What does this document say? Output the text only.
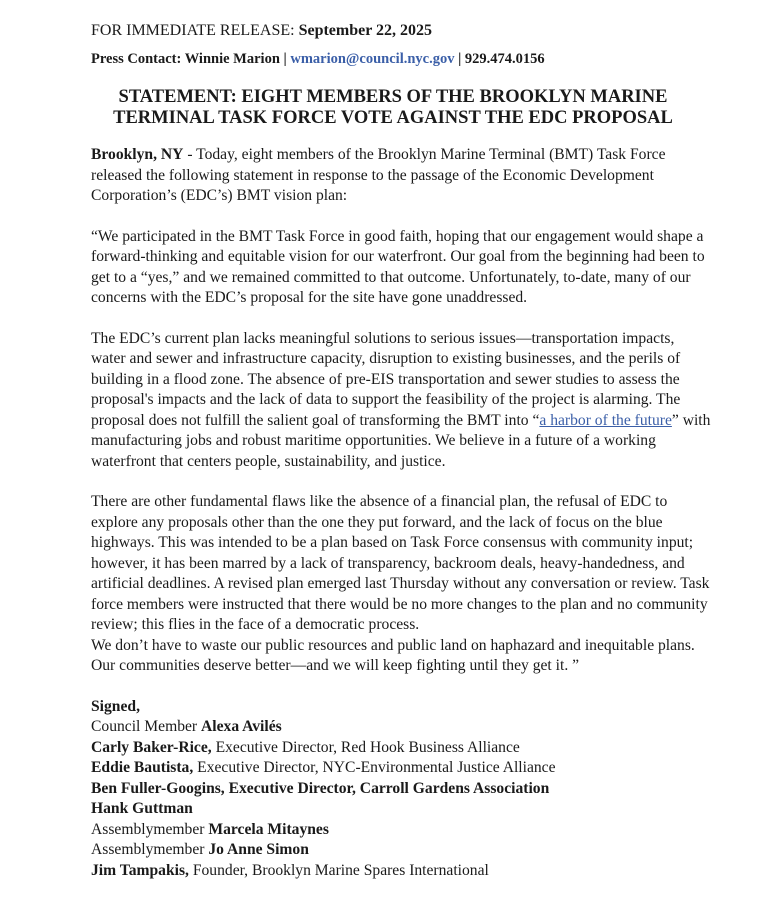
FOR IMMEDIATE RELEASE: September 22, 2025

Press Contact: Winnie Marion | wmarion@council.nyc.gov | 929.474.0156

STATEMENT: EIGHT MEMBERS OF THE BROOKLYN MARINE
TERMINAL TASK FORCE VOTE AGAINST THE EDC PROPOSAL

Brooklyn, NY - Today, eight members of the Brooklyn Marine Terminal (BMT) Task Force released the following statement in response to the passage of the Economic Development Corporation’s (EDC’s) BMT vision plan:

“We participated in the BMT Task Force in good faith, hoping that our engagement would shape a forward-thinking and equitable vision for our waterfront. Our goal from the beginning had been to get to a “yes,” and we remained committed to that outcome. Unfortunately, to-date, many of our concerns with the EDC’s proposal for the site have gone unaddressed.

The EDC’s current plan lacks meaningful solutions to serious issues—transportation impacts, water and sewer and infrastructure capacity, disruption to existing businesses, and the perils of building in a flood zone. The absence of pre-EIS transportation and sewer studies to assess the proposal's impacts and the lack of data to support the feasibility of the project is alarming. The proposal does not fulfill the salient goal of transforming the BMT into “a harbor of the future” with manufacturing jobs and robust maritime opportunities. We believe in a future of a working waterfront that centers people, sustainability, and justice.

There are other fundamental flaws like the absence of a financial plan, the refusal of EDC to explore any proposals other than the one they put forward, and the lack of focus on the blue highways. This was intended to be a plan based on Task Force consensus with community input; however, it has been marred by a lack of transparency, backroom deals, heavy-handedness, and artificial deadlines. A revised plan emerged last Thursday without any conversation or review. Task force members were instructed that there would be no more changes to the plan and no community review; this flies in the face of a democratic process.

We don’t have to waste our public resources and public land on haphazard and inequitable plans. Our communities deserve better—and we will keep fighting until they get it. ”

Signed,
Council Member Alexa Avilés
Carly Baker-Rice, Executive Director, Red Hook Business Alliance
Eddie Bautista, Executive Director, NYC-Environmental Justice Alliance
Ben Fuller-Googins, Executive Director, Carroll Gardens Association
Hank Guttman
Assemblymember Marcela Mitaynes
Assemblymember Jo Anne Simon
Jim Tampakis, Founder, Brooklyn Marine Spares International
